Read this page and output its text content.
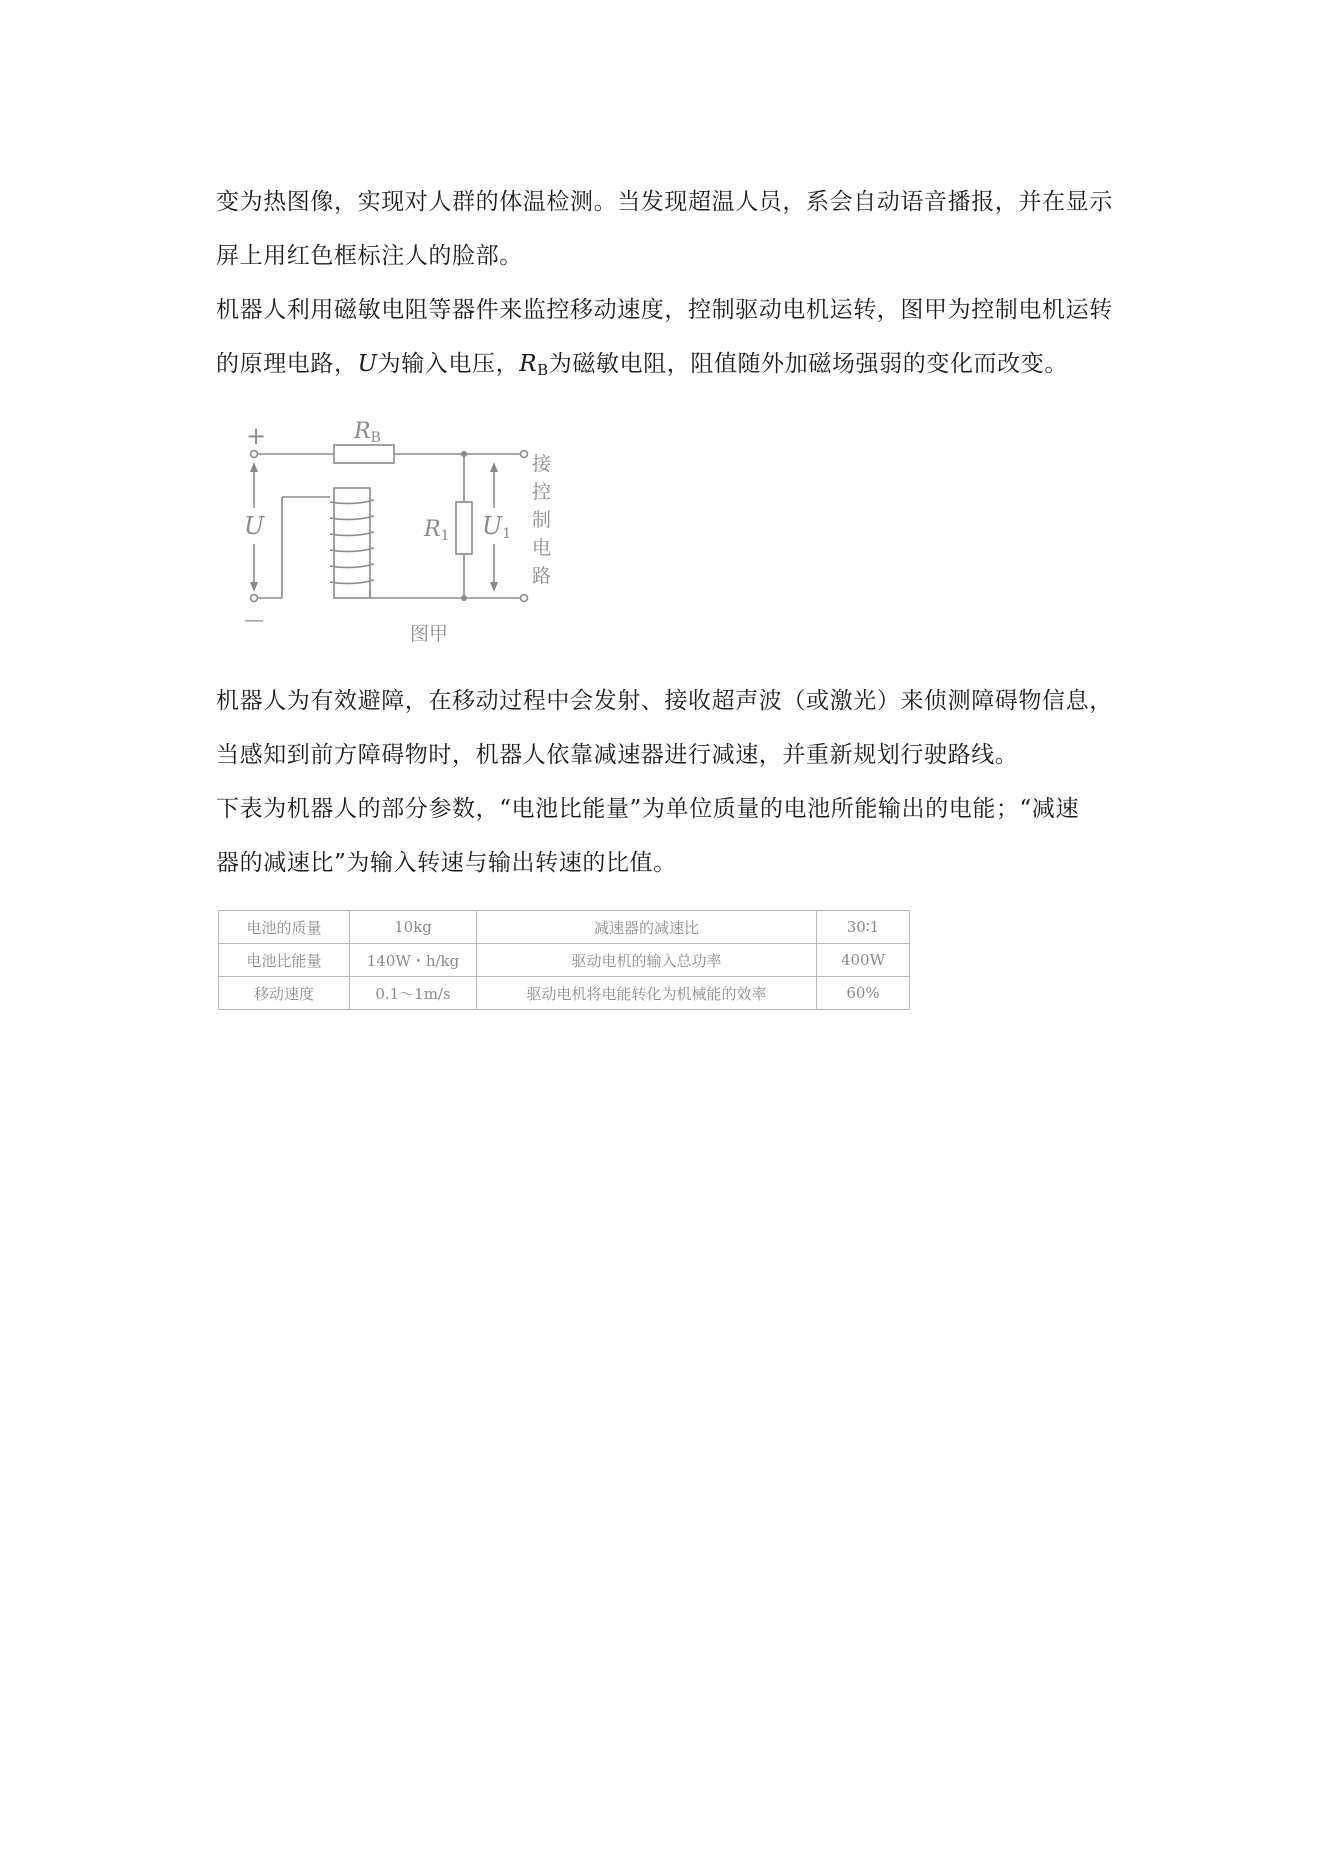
变为热图像，实现对人群的体温检测。当发现超温人员，系会自动语音播报，并在显示

屏上用红色框标注人的脸部。

机器人利用磁敏电阻等器件来监控移动速度，控制驱动电机运转，图甲为控制电机运转

的原理电路，U为输入电压，$R_B$为磁敏电阻，阻值随外加磁场强弱的变化而改变。

+
—
RB
U	R1 U1
接
控
制
电
路
图甲

机器人为有效避障，在移动过程中会发射、接收超声波（或激光）来侦测障碍物信息，

当感知到前方障碍物时，机器人依靠减速器进行减速，并重新规划行驶路线。

下表为机器人的部分参数，“电池比能量”为单位质量的电池所能输出的电能；“减速

器的减速比”为输入转速与输出转速的比值。

电池的质量	10kg	减速器的减速比	30∶1
电池比能量	140W・h/kg	驱动电机的输入总功率	400W
移动速度	0.1～1m/s	驱动电机将电能转化为机械能的效率	60%
